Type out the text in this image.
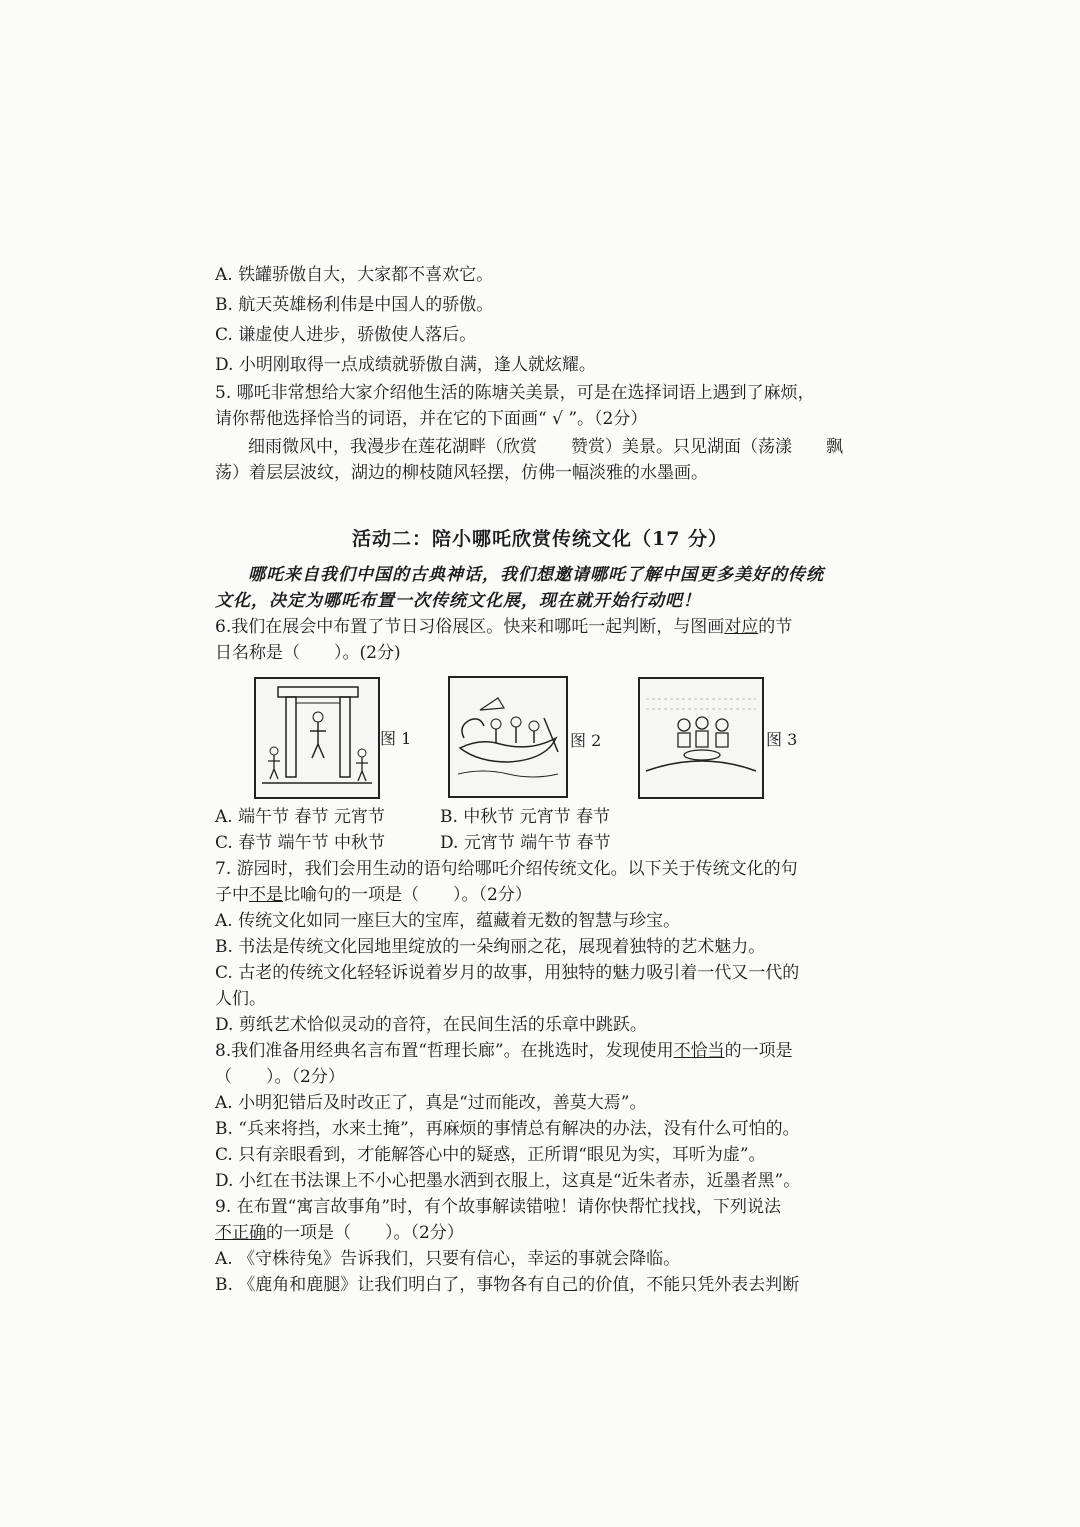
A. 铁罐骄傲自大，大家都不喜欢它。
B. 航天英雄杨利伟是中国人的骄傲。
C. 谦虚使人进步，骄傲使人落后。
D. 小明刚取得一点成绩就骄傲自满，逢人就炫耀。
5. 哪吒非常想给大家介绍他生活的陈塘关美景，可是在选择词语上遇到了麻烦，
请你帮他选择恰当的词语，并在它的下面画“ √ ”。（2分）
细雨微风中，我漫步在莲花湖畔（欣赏　　赞赏）美景。只见湖面（荡漾　　飘
荡）着层层波纹，湖边的柳枝随风轻摆，仿佛一幅淡雅的水墨画。
活动二：陪小哪吒欣赏传统文化（17 分）
哪吒来自我们中国的古典神话，我们想邀请哪吒了解中国更多美好的传统
文化，决定为哪吒布置一次传统文化展，现在就开始行动吧！
6.我们在展会中布置了节日习俗展区。快来和哪吒一起判断，与图画对应的节
日名称是（　　）。(2分)
图 1	图 2	图 3
A. 端午节 春节 元宵节	B. 中秋节 元宵节 春节
C. 春节 端午节 中秋节	D. 元宵节 端午节 春节
7. 游园时，我们会用生动的语句给哪吒介绍传统文化。以下关于传统文化的句
子中不是比喻句的一项是（　　）。（2分）
A. 传统文化如同一座巨大的宝库，蕴藏着无数的智慧与珍宝。
B. 书法是传统文化园地里绽放的一朵绚丽之花，展现着独特的艺术魅力。
C. 古老的传统文化轻轻诉说着岁月的故事，用独特的魅力吸引着一代又一代的
人们。
D. 剪纸艺术恰似灵动的音符，在民间生活的乐章中跳跃。
8.我们准备用经典名言布置“哲理长廊”。在挑选时，发现使用不恰当的一项是
（　　）。（2分）
A. 小明犯错后及时改正了，真是“过而能改，善莫大焉”。
B. “兵来将挡，水来土掩”，再麻烦的事情总有解决的办法，没有什么可怕的。
C. 只有亲眼看到，才能解答心中的疑惑，正所谓“眼见为实，耳听为虚”。
D. 小红在书法课上不小心把墨水洒到衣服上，这真是“近朱者赤，近墨者黑”。
9. 在布置“寓言故事角”时，有个故事解读错啦！请你快帮忙找找，下列说法
不正确的一项是（　　）。（2分）
A. 《守株待兔》告诉我们，只要有信心，幸运的事就会降临。
B. 《鹿角和鹿腿》让我们明白了，事物各有自己的价值，不能只凭外表去判断
